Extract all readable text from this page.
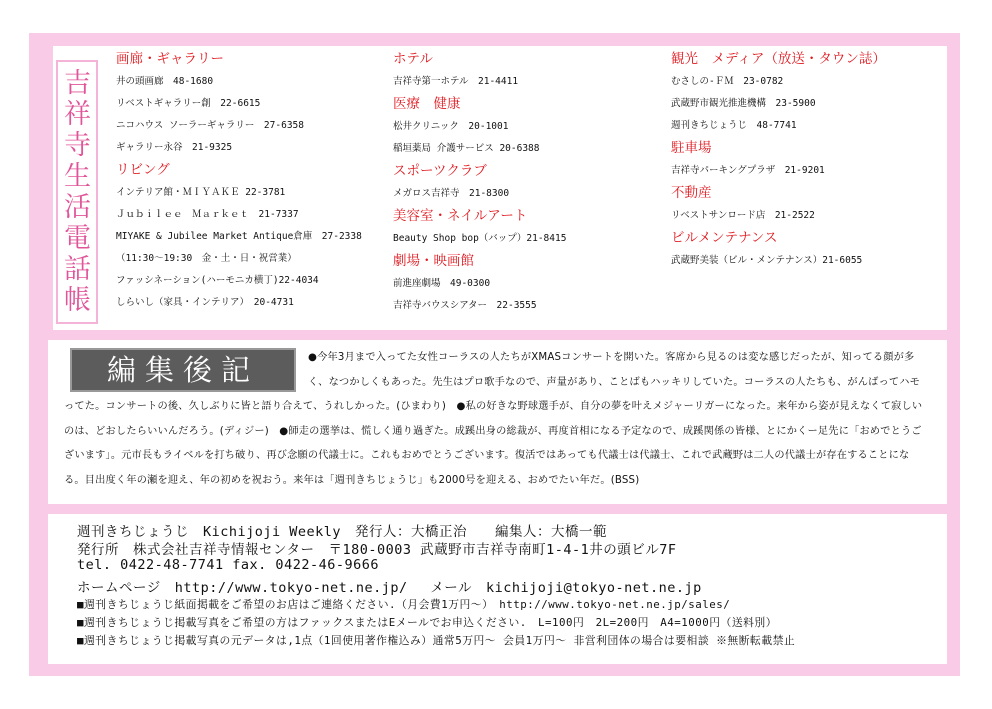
吉祥寺生活電話帳
画廊・ギャラリー
井の頭画廊　48-1680
リベストギャラリー創　22-6615
ニコハウス ソーラーギャラリー　27-6358
ギャラリー永谷　21-9325
リビング
インテリア館・ＭＩＹＡＫＥ 22-3781
Ｊｕｂｉｌｅｅ　Ｍａｒｋｅｔ　21-7337
MIYAKE & Jubilee Market Antique倉庫　27-2338
（11:30～19:30　金・土・日・祝営業）
ファッシネーション(ハーモニカ横丁)22-4034
しらいし（家具・インテリア）　20-4731
ホテル
吉祥寺第一ホテル　21-4411
医療　健康
松井クリニック　20-1001
稲垣薬局 介護サービス 20-6388
スポーツクラブ
メガロス吉祥寺　21-8300
美容室・ネイルアート
Beauty Shop bop（バップ）21-8415
劇場・映画館
前進座劇場　49-0300
吉祥寺バウスシアター　22-3555
観光　メディア（放送・タウン誌）
むさしの-ＦＭ　23-0782
武蔵野市観光推進機構　23-5900
週刊きちじょうじ　48-7741
駐車場
吉祥寺パーキングプラザ　21-9201
不動産
リベストサンロード店　21-2522
ビルメンテナンス
武蔵野美装（ビル・メンテナンス）21-6055
編集後記	●今年3月まで入ってた女性コーラスの人たちがXMASコンサートを開いた。客席から見るのは変な感じだったが、知ってる顔が多く、なつかしくもあった。先生はプロ歌手なので、声量があり、ことばもハッキリしていた。コーラスの人たちも、がんばってハモってた。コンサートの後、久しぶりに皆と語り合えて、うれしかった。(ひまわり)　●私の好きな野球選手が、自分の夢を叶えメジャーリガーになった。来年から姿が見えなくて寂しいのは、どおしたらいいんだろう。(ディジー)　●師走の選挙は、慌しく通り過ぎた。成蹊出身の総裁が、再度首相になる予定なので、成蹊関係の皆様、とにかくー足先に「おめでとうございます」。元市長もライベルを打ち破り、再び念願の代議士に。これもおめでとうございます。復活ではあっても代議士は代議士、これで武蔵野は二人の代議士が存在することになる。目出度く年の瀬を迎え、年の初めを祝おう。来年は「週刊きちじょうじ」も2000号を迎える、おめでたい年だ。(BSS)
週刊きちじょうじ　Kichijoji Weekly　発行人：大橋正治　　編集人：大橋一範
発行所　株式会社吉祥寺情報センター　〒180-0003 武蔵野市吉祥寺南町1-4-1井の頭ビル7F
tel. 0422-48-7741 fax. 0422-46-9666
ホームページ　http://www.tokyo-net.ne.jp/　 メール　kichijoji@tokyo-net.ne.jp
■週刊きちじょうじ紙面掲載をご希望のお店はご連絡ください.（月会費1万円～）　http://www.tokyo-net.ne.jp/sales/
■週刊きちじょうじ掲載写真をご希望の方はファックスまたはEメールでお申込ください.　L=100円　2L=200円　A4=1000円（送料別）
■週刊きちじょうじ掲載写真の元データは,1点（1回使用著作権込み）通常5万円～ 会員1万円～ 非営利団体の場合は要相談 ※無断転載禁止
